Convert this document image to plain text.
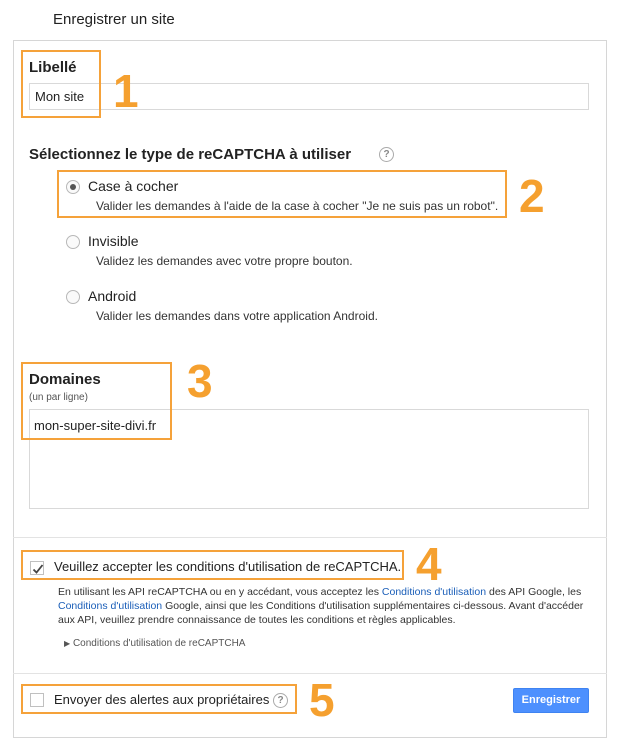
Enregistrer un site
Libellé
Mon site 1
Sélectionnez le type de reCAPTCHA à utiliser	?
Case à cocher
Valider les demandes à l'aide de la case à cocher "Je ne suis pas un robot". 2
Invisible
Validez les demandes avec votre propre bouton.
Android
Valider les demandes dans votre application Android.
Domaines
(un par ligne)
mon-super-site-divi.fr
3
Veuillez accepter les conditions d'utilisation de reCAPTCHA. 4
En utilisant les API reCAPTCHA ou en y accédant, vous acceptez les Conditions d'utilisation des API Google, les
Conditions d'utilisation Google, ainsi que les Conditions d'utilisation supplémentaires ci-dessous. Avant d'accéder
aux API, veuillez prendre connaissance de toutes les conditions et règles applicables.
▶ Conditions d'utilisation de reCAPTCHA
Envoyer des alertes aux propriétaires ? 5	Enregistrer
